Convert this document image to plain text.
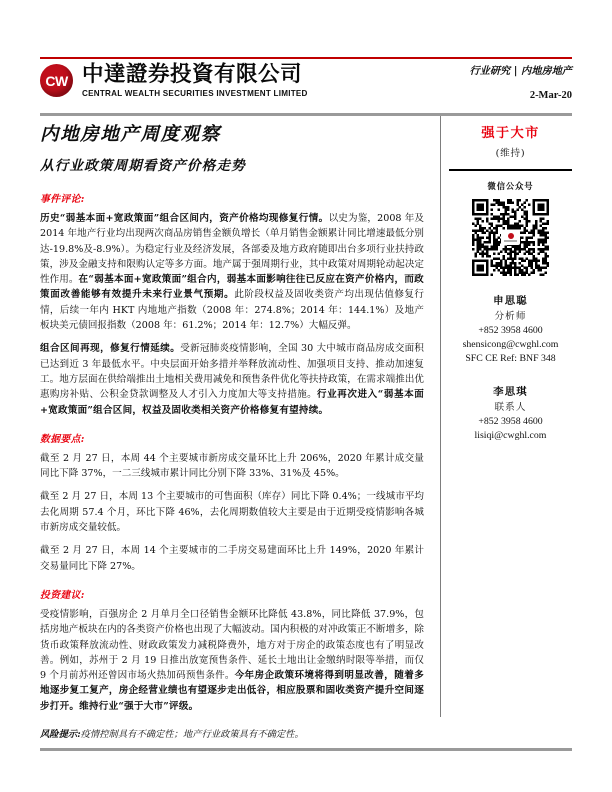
CW 中達證券投資有限公司
CENTRAL WEALTH SECURITIES INVESTMENT LIMITED
行业研究 | 内地房地产
2-Mar-20
内地房地产周度观察
从行业政策周期看资产价格走势
事件评论:

历史“弱基本面+宽政策面”组合区间内，资产价格均现修复行情。以史为鉴，2008 年及 2014 年地产行业均出现两次商品房销售金额负增长（单月销售金额累计同比增速最低分别达-19.8%及-8.9%）。为稳定行业及经济发展，各部委及地方政府随即出台多项行业扶持政策，涉及金融支持和限购认定等多方面。地产属于强周期行业，其中政策对周期轮动起决定性作用。在“弱基本面+宽政策面”组合内，弱基本面影响往往已反应在资产价格内，而政策面改善能够有效提升未来行业景气预期。此阶段权益及固收类资产均出现估值修复行情，后续一年内 HKT 内地地产指数（2008 年：274.8%；2014 年：144.1%）及地产板块美元债回报指数（2008 年：61.2%；2014 年：12.7%）大幅反弹。

组合区间再现，修复行情延续。受新冠肺炎疫情影响，全国 30 大中城市商品房成交面积已达到近 3 年最低水平。中央层面开始多措并举释放流动性、加强项目支持、推动加速复工。地方层面在供给端推出土地相关费用减免和预售条件优化等扶持政策，在需求端推出优惠购房补贴、公积金贷款调整及人才引入力度加大等支持措施。行业再次进入“弱基本面+宽政策面”组合区间，权益及固收类相关资产价格修复有望持续。

数据要点:

截至 2 月 27 日，本周 44 个主要城市新房成交量环比上升 206%，2020 年累计成交量同比下降 37%，一二三线城市累计同比分别下降 33%、31%及 45%。

截至 2 月 27 日，本周 13 个主要城市的可售面积（库存）同比下降 0.4%；一线城市平均去化周期 57.4 个月，环比下降 46%，去化周期数值较大主要是由于近期受疫情影响各城市新房成交量较低。

截至 2 月 27 日，本周 14 个主要城市的二手房交易建面环比上升 149%，2020 年累计交易量同比下降 27%。

投资建议:

受疫情影响，百强房企 2 月单月全口径销售金额环比降低 43.8%，同比降低 37.9%，包括房地产板块在内的各类资产价格也出现了大幅波动。国内积极的对冲政策正不断增多，除货币政策释放流动性、财政政策发力减税降费外，地方对于房企的政策态度也有了明显改善。例如，苏州于 2 月 19 日推出放宽预售条件、延长土地出让金缴纳时限等举措，而仅 9 个月前苏州还曾因市场火热加码预售条件。今年房企政策环境将得到明显改善，随着多地逐步复工复产，房企经营业绩也有望逐步走出低谷，相应股票和固收类资产提升空间逐步打开。维持行业“强于大市”评级。

风险提示:疫情控制具有不确定性；地产行业政策具有不确定性。

强于大市
(维持)
微信公众号
申思聪
分析师
+852 3958 4600
shensicong@cwghl.com
SFC CE Ref: BNF 348
李思琪
联系人
+852 3958 4600
lisiqi@cwghl.com
